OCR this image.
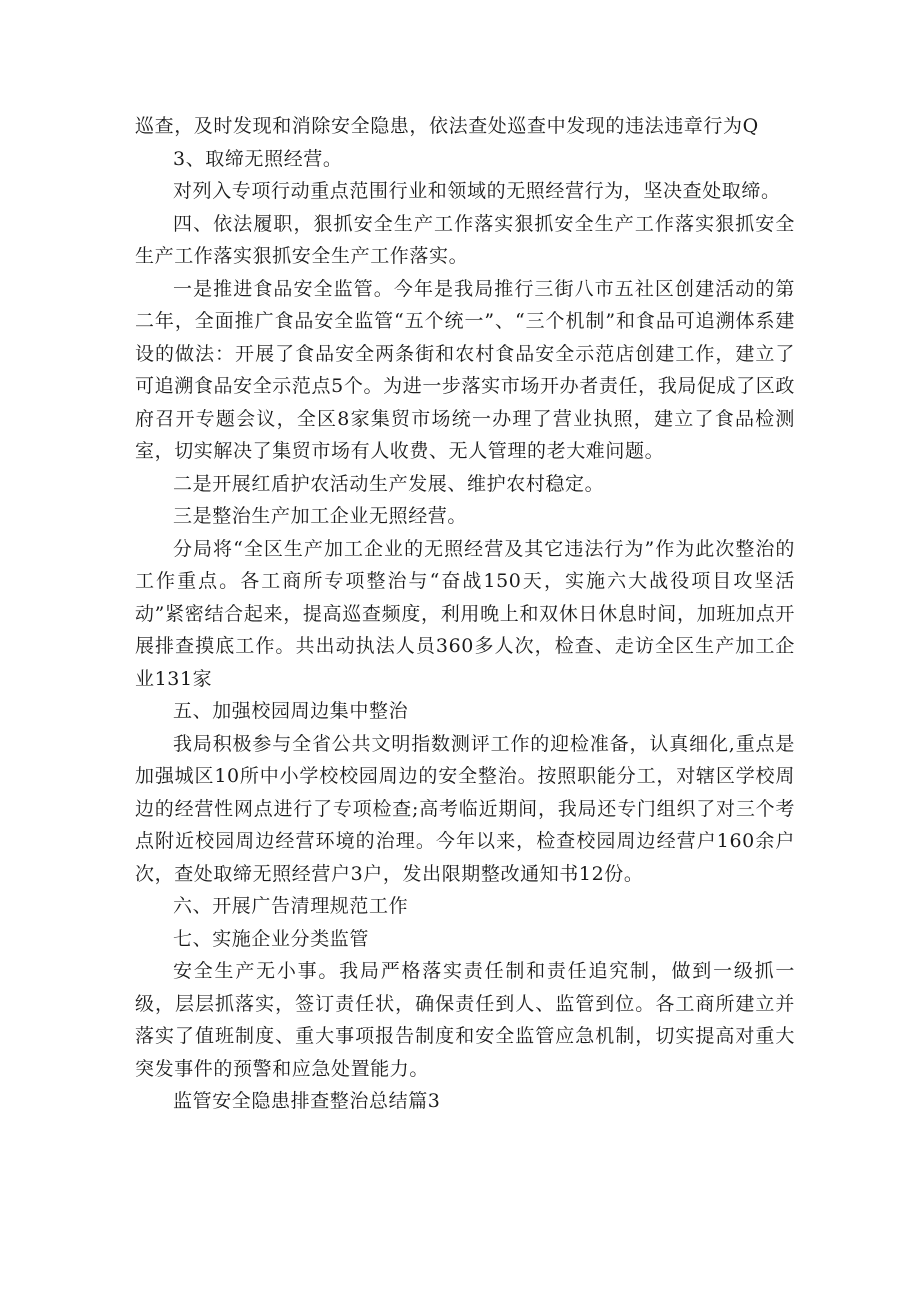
巡查，及时发现和消除安全隐患，依法查处巡查中发现的违法违章行为Q

3、取缔无照经营。

对列入专项行动重点范围行业和领域的无照经营行为，坚决查处取缔。

四、依法履职，狠抓安全生产工作落实狠抓安全生产工作落实狠抓安全生产工作落实狠抓安全生产工作落实。

一是推进食品安全监管。今年是我局推行三街八市五社区创建活动的第二年，全面推广食品安全监管“五个统一”、“三个机制”和食品可追溯体系建设的做法：开展了食品安全两条街和农村食品安全示范店创建工作，建立了可追溯食品安全示范点5个。为进一步落实市场开办者责任，我局促成了区政府召开专题会议，全区8家集贸市场统一办理了营业执照，建立了食品检测室，切实解决了集贸市场有人收费、无人管理的老大难问题。

二是开展红盾护农活动生产发展、维护农村稳定。

三是整治生产加工企业无照经营。

分局将“全区生产加工企业的无照经营及其它违法行为”作为此次整治的工作重点。各工商所专项整治与“奋战150天，实施六大战役项目攻坚活动”紧密结合起来，提高巡查频度，利用晚上和双休日休息时间，加班加点开展排查摸底工作。共出动执法人员360多人次，检查、走访全区生产加工企业131家

五、加强校园周边集中整治

我局积极参与全省公共文明指数测评工作的迎检准备，认真细化,重点是加强城区10所中小学校校园周边的安全整治。按照职能分工，对辖区学校周边的经营性网点进行了专项检查;高考临近期间，我局还专门组织了对三个考点附近校园周边经营环境的治理。今年以来，检查校园周边经营户160余户次，查处取缔无照经营户3户，发出限期整改通知书12份。

六、开展广告清理规范工作

七、实施企业分类监管

安全生产无小事。我局严格落实责任制和责任追究制，做到一级抓一级，层层抓落实，签订责任状，确保责任到人、监管到位。各工商所建立并落实了值班制度、重大事项报告制度和安全监管应急机制，切实提高对重大突发事件的预警和应急处置能力。

监管安全隐患排查整治总结篇3
